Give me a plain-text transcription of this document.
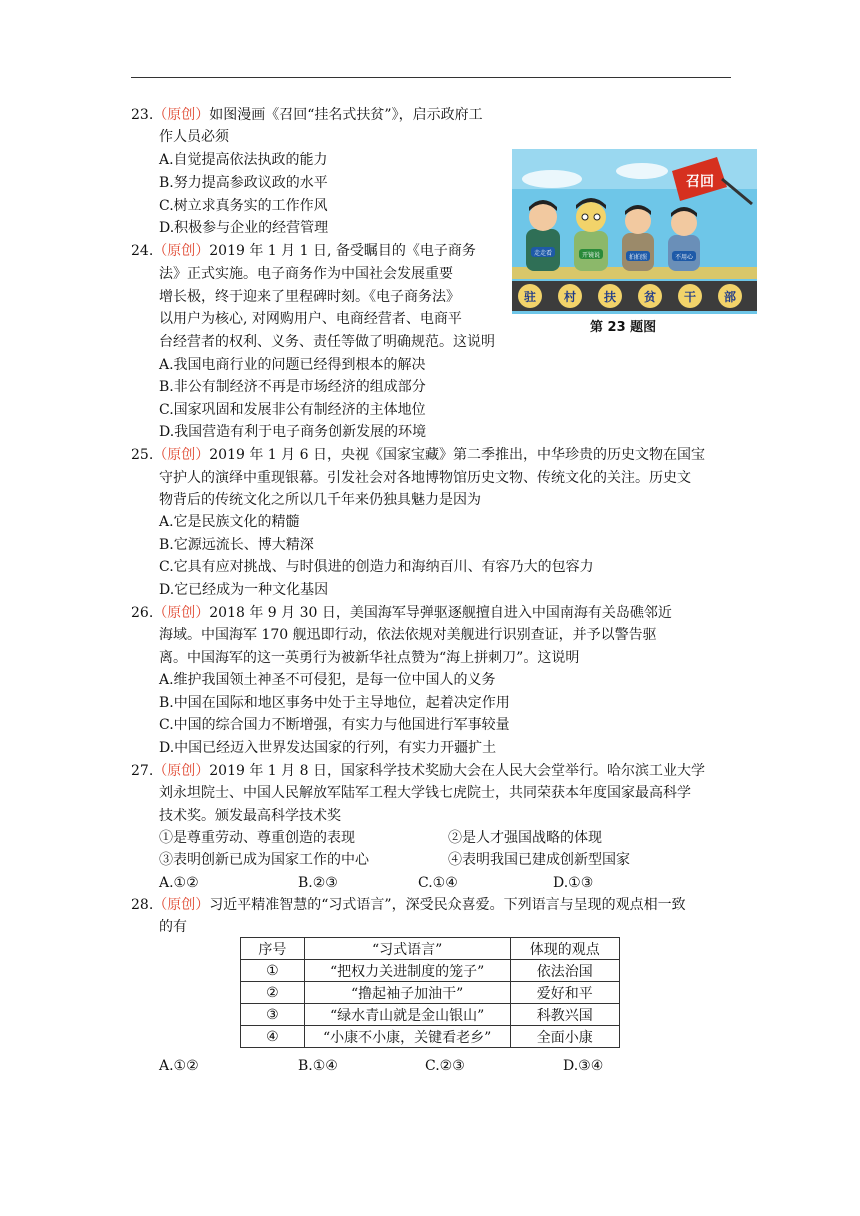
23.（原创）如图漫画《召回“挂名式扶贫”》，启示政府工
作人员必须
A.自觉提高依法执政的能力
B.努力提高参政议政的水平
C.树立求真务实的工作作风
D.积极参与企业的经营管理
走走看	开镜说	拍拍照	不用心
召回
驻 村 扶 贫 干 部
第 23 题图
24.（原创）2019 年 1 月 1 日, 备受瞩目的《电子商务
法》正式实施。电子商务作为中国社会发展重要
增长极，终于迎来了里程碑时刻。《电子商务法》
以用户为核心, 对网购用户、电商经营者、电商平
台经营者的权利、义务、责任等做了明确规范。这说明
A.我国电商行业的问题已经得到根本的解决
B.非公有制经济不再是市场经济的组成部分
C.国家巩固和发展非公有制经济的主体地位
D.我国营造有利于电子商务创新发展的环境
25.（原创）2019 年 1 月 6 日，央视《国家宝藏》第二季推出，中华珍贵的历史文物在国宝
守护人的演绎中重现银幕。引发社会对各地博物馆历史文物、传统文化的关注。历史文
物背后的传统文化之所以几千年来仍独具魅力是因为
A.它是民族文化的精髓
B.它源远流长、博大精深
C.它具有应对挑战、与时俱进的创造力和海纳百川、有容乃大的包容力
D.它已经成为一种文化基因
26.（原创）2018 年 9 月 30 日，美国海军导弹驱逐舰擅自进入中国南海有关岛礁邻近
海域。中国海军 170 舰迅即行动，依法依规对美舰进行识别查证，并予以警告驱
离。中国海军的这一英勇行为被新华社点赞为“海上拼刺刀”。这说明
A.维护我国领土神圣不可侵犯，是每一位中国人的义务
B.中国在国际和地区事务中处于主导地位，起着决定作用
C.中国的综合国力不断增强，有实力与他国进行军事较量
D.中国已经迈入世界发达国家的行列，有实力开疆扩土
27.（原创）2019 年 1 月 8 日，国家科学技术奖励大会在人民大会堂举行。哈尔滨工业大学
刘永坦院士、中国人民解放军陆军工程大学钱七虎院士，共同荣获本年度国家最高科学
技术奖。颁发最高科学技术奖
①是尊重劳动、尊重创造的表现	②是人才强国战略的体现
③表明创新已成为国家工作的中心	④表明我国已建成创新型国家
A.①②	B.②③	C.①④	D.①③
28.（原创）习近平精准智慧的“习式语言”，深受民众喜爱。下列语言与呈现的观点相一致
的有
序号	“习式语言”	体现的观点
①	“把权力关进制度的笼子”	依法治国
②	“撸起袖子加油干”	爱好和平
③	“绿水青山就是金山银山”	科教兴国
④	“小康不小康，关键看老乡”	全面小康
A.①②	B.①④	C.②③	D.③④
